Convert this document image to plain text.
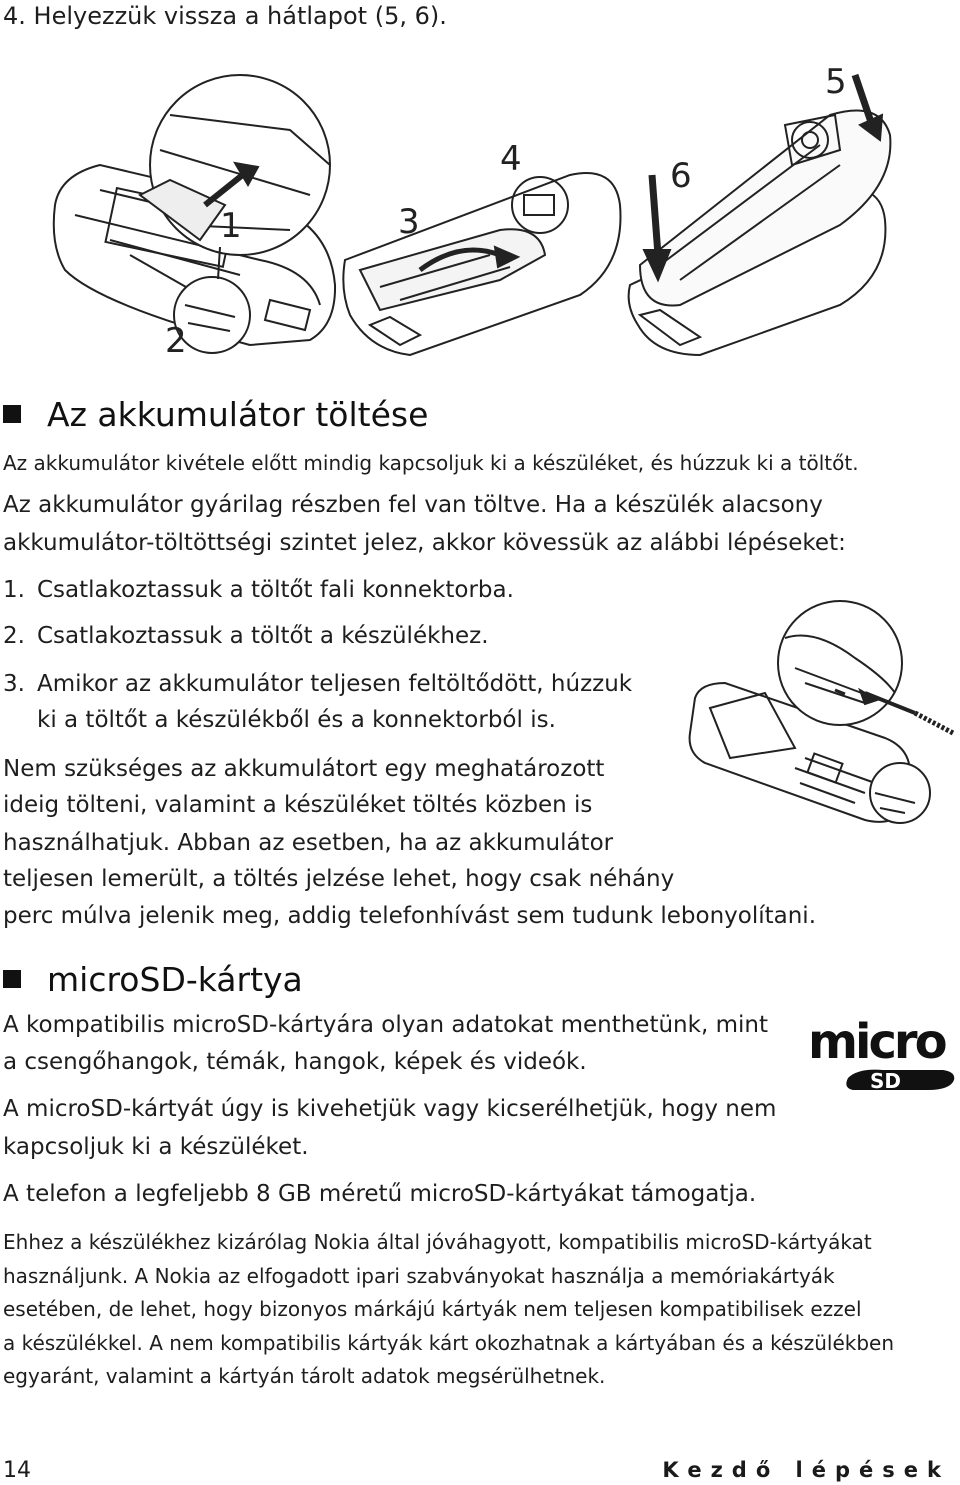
4. Helyezzük vissza a hátlapot (5, 6).
1
2
3
4
5
6
Az akkumulátor töltése
Az akkumulátor kivétele előtt mindig kapcsoljuk ki a készüléket, és húzzuk ki a töltőt.
Az akkumulátor gyárilag részben fel van töltve. Ha a készülék alacsony
akkumulátor-töltöttségi szintet jelez, akkor kövessük az alábbi lépéseket:
1. Csatlakoztassuk a töltőt fali konnektorba.
2. Csatlakoztassuk a töltőt a készülékhez.
3. Amikor az akkumulátor teljesen feltöltődött, húzzuk
ki a töltőt a készülékből és a konnektorból is.
Nem szükséges az akkumulátort egy meghatározott
ideig tölteni, valamint a készüléket töltés közben is
használhatjuk. Abban az esetben, ha az akkumulátor
teljesen lemerült, a töltés jelzése lehet, hogy csak néhány
perc múlva jelenik meg, addig telefonhívást sem tudunk lebonyolítani.
microSD-kártya
A kompatibilis microSD-kártyára olyan adatokat menthetünk, mint
a csengőhangok, témák, hangok, képek és videók.
A microSD-kártyát úgy is kivehetjük vagy kicserélhetjük, hogy nem
kapcsoljuk ki a készüléket.
A telefon a legfeljebb 8 GB méretű microSD-kártyákat támogatja.
Ehhez a készülékhez kizárólag Nokia által jóváhagyott, kompatibilis microSD-kártyákat
használjunk. A Nokia az elfogadott ipari szabványokat használja a memóriakártyák
esetében, de lehet, hogy bizonyos márkájú kártyák nem teljesen kompatibilisek ezzel
a készülékkel. A nem kompatibilis kártyák kárt okozhatnak a kártyában és a készülékben
egyaránt, valamint a kártyán tárolt adatok megsérülhetnek.
micro
SD
14	Kezdő lépések
